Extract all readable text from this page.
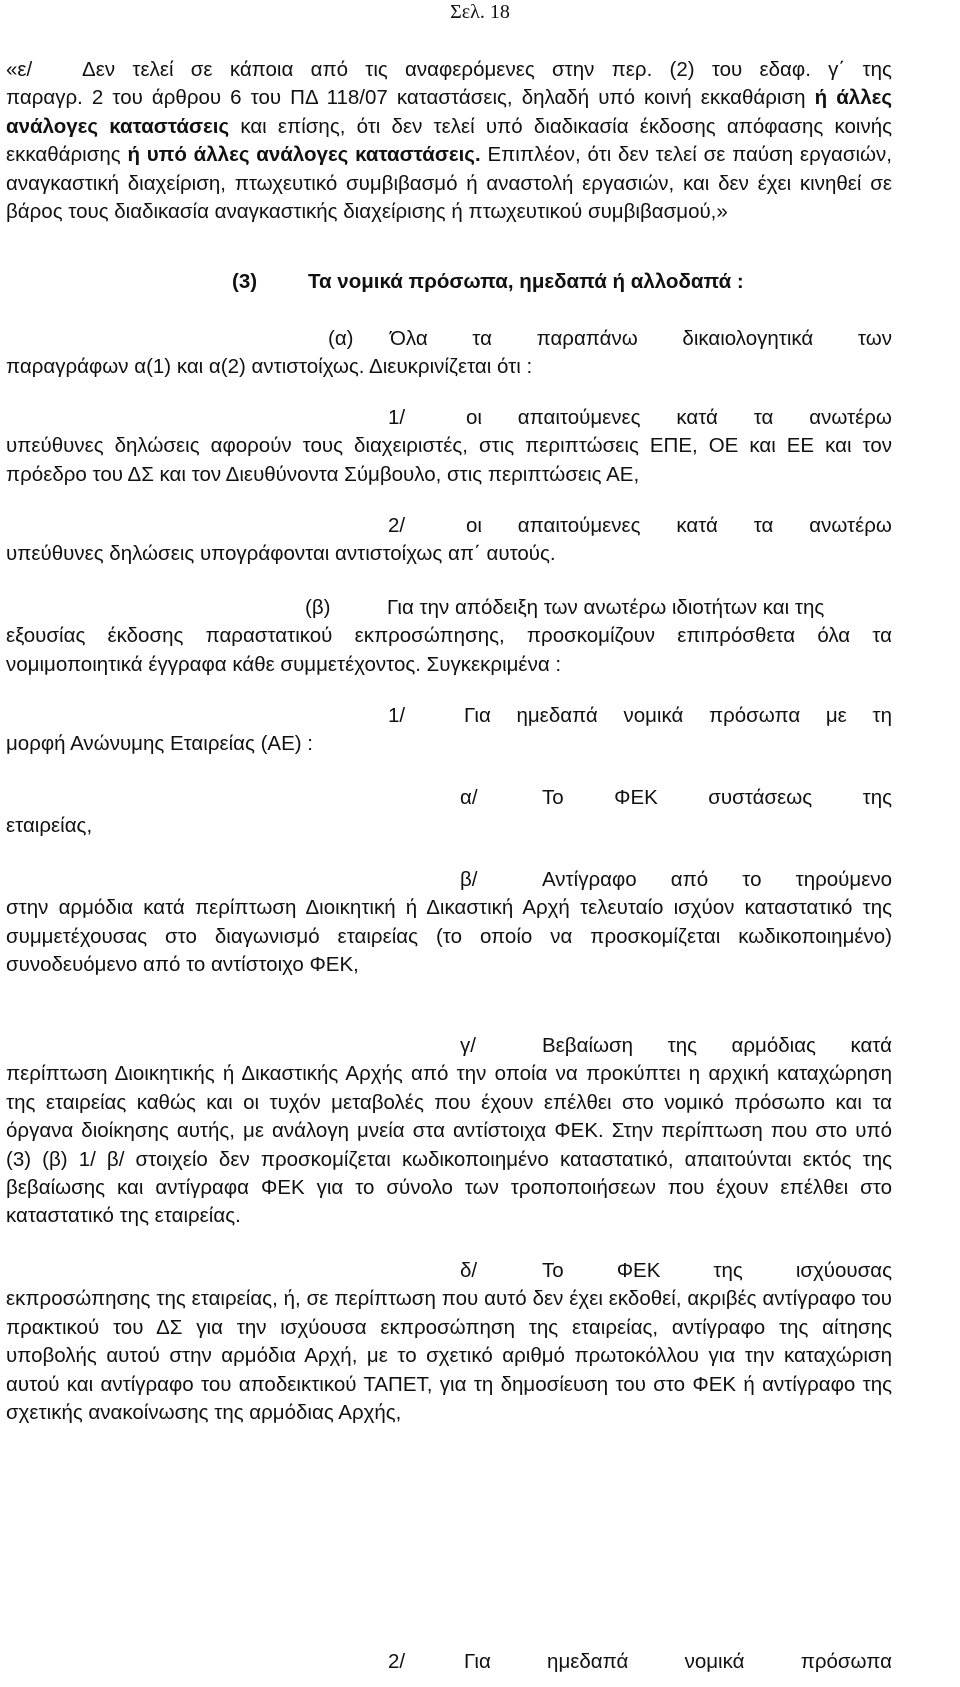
Σελ. 18
«ε/	Δεν τελεί σε κάποια από τις αναφερόμενες στην περ. (2) του εδαφ. γ΄ της
παραγρ. 2 του άρθρου 6 του ΠΔ 118/07 καταστάσεις, δηλαδή υπό κοινή εκκαθάριση ή άλλες ανάλογες καταστάσεις και επίσης, ότι δεν τελεί υπό διαδικασία έκδοσης απόφασης κοινής εκκαθάρισης ή υπό άλλες ανάλογες καταστάσεις. Επιπλέον, ότι δεν τελεί σε παύση εργασιών, αναγκαστική διαχείριση, πτωχευτικό συμβιβασμό ή αναστολή εργασιών, και δεν έχει κινηθεί σε βάρος τους διαδικασία αναγκαστικής διαχείρισης ή πτωχευτικού συμβιβασμού,»
(3) Τα νομικά πρόσωπα, ημεδαπά ή αλλοδαπά :
(α)	Όλα τα παραπάνω δικαιολογητικά των
παραγράφων α(1) και α(2) αντιστοίχως. Διευκρινίζεται ότι :
1/	οι απαιτούμενες κατά τα ανωτέρω
υπεύθυνες δηλώσεις αφορούν τους διαχειριστές, στις περιπτώσεις ΕΠΕ, ΟΕ και ΕΕ και τον πρόεδρο του ΔΣ και τον Διευθύνοντα Σύμβουλο, στις περιπτώσεις ΑΕ,
2/	οι απαιτούμενες κατά τα ανωτέρω
υπεύθυνες δηλώσεις υπογράφονται αντιστοίχως απ΄ αυτούς.
(β)	Για την απόδειξη των ανωτέρω ιδιοτήτων και της
εξουσίας έκδοσης παραστατικού εκπροσώπησης, προσκομίζουν επιπρόσθετα όλα τα νομιμοποιητικά έγγραφα κάθε συμμετέχοντος. Συγκεκριμένα :
1/	Για ημεδαπά νομικά πρόσωπα με τη
μορφή Ανώνυμης Εταιρείας (ΑΕ) :
α/	Το ΦΕΚ συστάσεως της
εταιρείας,
β/	Αντίγραφο από το τηρούμενο
στην αρμόδια κατά περίπτωση Διοικητική ή Δικαστική Αρχή τελευταίο ισχύον καταστατικό της συμμετέχουσας στο διαγωνισμό εταιρείας (το οποίο να προσκομίζεται κωδικοποιημένο) συνοδευόμενο από το αντίστοιχο ΦΕΚ,
γ/	Βεβαίωση της αρμόδιας κατά
περίπτωση Διοικητικής ή Δικαστικής Αρχής από την οποία να προκύπτει η αρχική καταχώρηση της εταιρείας καθώς και οι τυχόν μεταβολές που έχουν επέλθει στο νομικό πρόσωπο και τα όργανα διοίκησης αυτής, με ανάλογη μνεία στα αντίστοιχα ΦΕΚ. Στην περίπτωση που στο υπό (3) (β) 1/ β/ στοιχείο δεν προσκομίζεται κωδικοποιημένο καταστατικό, απαιτούνται εκτός της βεβαίωσης και αντίγραφα ΦΕΚ για το σύνολο των τροποποιήσεων που έχουν επέλθει στο καταστατικό της εταιρείας.
δ/	Το	ΦΕΚ	της	ισχύουσας
εκπροσώπησης της εταιρείας, ή, σε περίπτωση που αυτό δεν έχει εκδοθεί, ακριβές αντίγραφο του πρακτικού του ΔΣ για την ισχύουσα εκπροσώπηση της εταιρείας, αντίγραφο της αίτησης υποβολής αυτού στην αρμόδια Αρχή, με το σχετικό αριθμό πρωτοκόλλου για την καταχώριση αυτού και αντίγραφο του αποδεικτικού ΤΑΠΕΤ, για τη δημοσίευση του στο ΦΕΚ ή αντίγραφο της σχετικής ανακοίνωσης της αρμόδιας Αρχής,
2/	Για	ημεδαπά	νομικά	πρόσωπα
